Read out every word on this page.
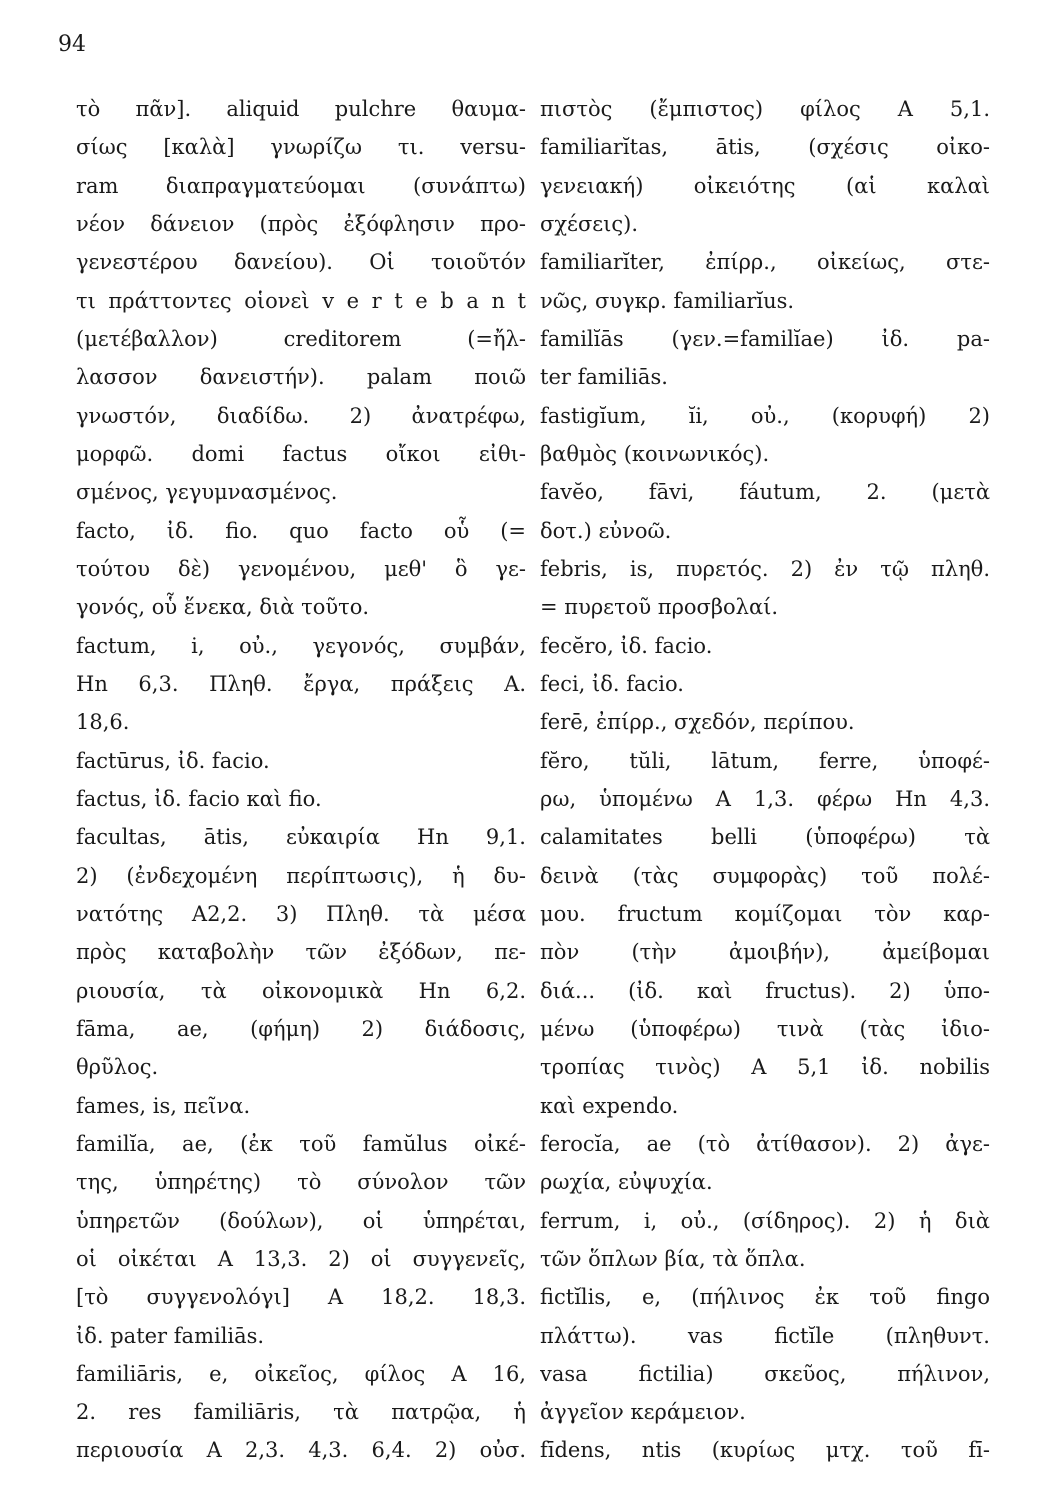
94
τὸ πᾶν]. aliquid pulchre θαυμα-
σίως [καλὰ] γνωρίζω τι. versu-
ram διαπραγματεύομαι (συνάπτω)
νέον δάνειον (πρὸς ἐξόφλησιν προ-
γενεστέρου δανείου). Οἱ τοιοῦτόν
τι πράττοντες οἱονεὶ v e r t e b a n t
(μετέβαλλον) creditorem (=ἤλ-
λασσον δανειστήν). palam ποιῶ
γνωστόν, διαδίδω. 2) ἀνατρέφω,
μορφῶ. domi factus οἴκοι εἰθι-
σμένος, γεγυμνασμένος.
facto, ἰδ. fio. quo facto οὗ (=
τούτου δὲ) γενομένου, μεθ' ὃ γε-
γονός, οὗ ἕνεκα, διὰ τοῦτο.
factum, i, οὐ., γεγονός, συμβάν,
Hn 6,3. Πληθ. ἔργα, πράξεις A.
18,6.
factūrus, ἰδ. facio.
factus, ἰδ. facio καὶ fio.
facultas, ātis, εὐκαιρία Hn 9,1.
2) (ἐνδεχομένη περίπτωσις), ἡ δυ-
νατότης A2,2. 3) Πληθ. τὰ μέσα
πρὸς καταβολὴν τῶν ἐξόδων, πε-
ριουσία, τὰ οἰκονομικὰ Hn 6,2.
fāma, ae, (φήμη) 2) διάδοσις,
θρῦλος.
fames, is, πεῖνα.
familĭa, ae, (ἐκ τοῦ famŭlus οἰκέ-
της, ὑπηρέτης) τὸ σύνολον τῶν
ὑπηρετῶν (δούλων), οἱ ὑπηρέται,
οἱ οἰκέται A 13,3. 2) οἱ συγγενεῖς,
[τὸ συγγενολόγι] A 18,2. 18,3.
ἰδ. pater familiās.
familiāris, e, οἰκεῖος, φίλος A 16,
2. res familiāris, τὰ πατρῷα, ἡ
περιουσία A 2,3. 4,3. 6,4. 2) οὐσ.
πιστὸς (ἔμπιστος) φίλος A 5,1.
familiarĭtas, ātis, (σχέσις οἰκο-
γενειακή) οἰκειότης (αἱ καλαὶ
σχέσεις).
familiarĭter, ἐπίρρ., οἰκείως, στε-
νῶς, συγκρ. familiarĭus.
familĭās (γεν.=familĭae) ἰδ. pa-
ter familiās.
fastigĭum, ĭi, οὐ., (κορυφή) 2)
βαθμὸς (κοινωνικός).
favĕo, fāvi, fáutum, 2. (μετὰ
δοτ.) εὐνοῶ.
febris, is, πυρετός. 2) ἐν τῷ πληθ.
= πυρετοῦ προσβολαί.
fecĕro, ἰδ. facio.
feci, ἰδ. facio.
ferē, ἐπίρρ., σχεδόν, περίπου.
fĕro, tŭli, lātum, ferre, ὑποφέ-
ρω, ὑπομένω A 1,3. φέρω Hn 4,3.
calamitates belli (ὑποφέρω) τὰ
δεινὰ (τὰς συμφορὰς) τοῦ πολέ-
μου. fructum κομίζομαι τὸν καρ-
πὸν (τὴν ἀμοιβήν), ἀμείβομαι
διά... (ἰδ. καὶ fructus). 2) ὑπο-
μένω (ὑποφέρω) τινὰ (τὰς ἰδιο-
τροπίας τινὸς) A 5,1 ἰδ. nobilis
καὶ expendo.
ferocĭa, ae (τὸ ἀτίθασον). 2) ἀγε-
ρωχία, εὐψυχία.
ferrum, i, οὐ., (σίδηρος). 2) ἡ διὰ
τῶν ὅπλων βία, τὰ ὅπλα.
fictĭlis, e, (πήλινος ἐκ τοῦ fingo
πλάττω). vas fictĭle (πληθυντ.
vasa fictilia) σκεῦος, πήλινον,
ἀγγεῖον κεράμειον.
fīdens, ntis (κυρίως μτχ. τοῦ fī-
